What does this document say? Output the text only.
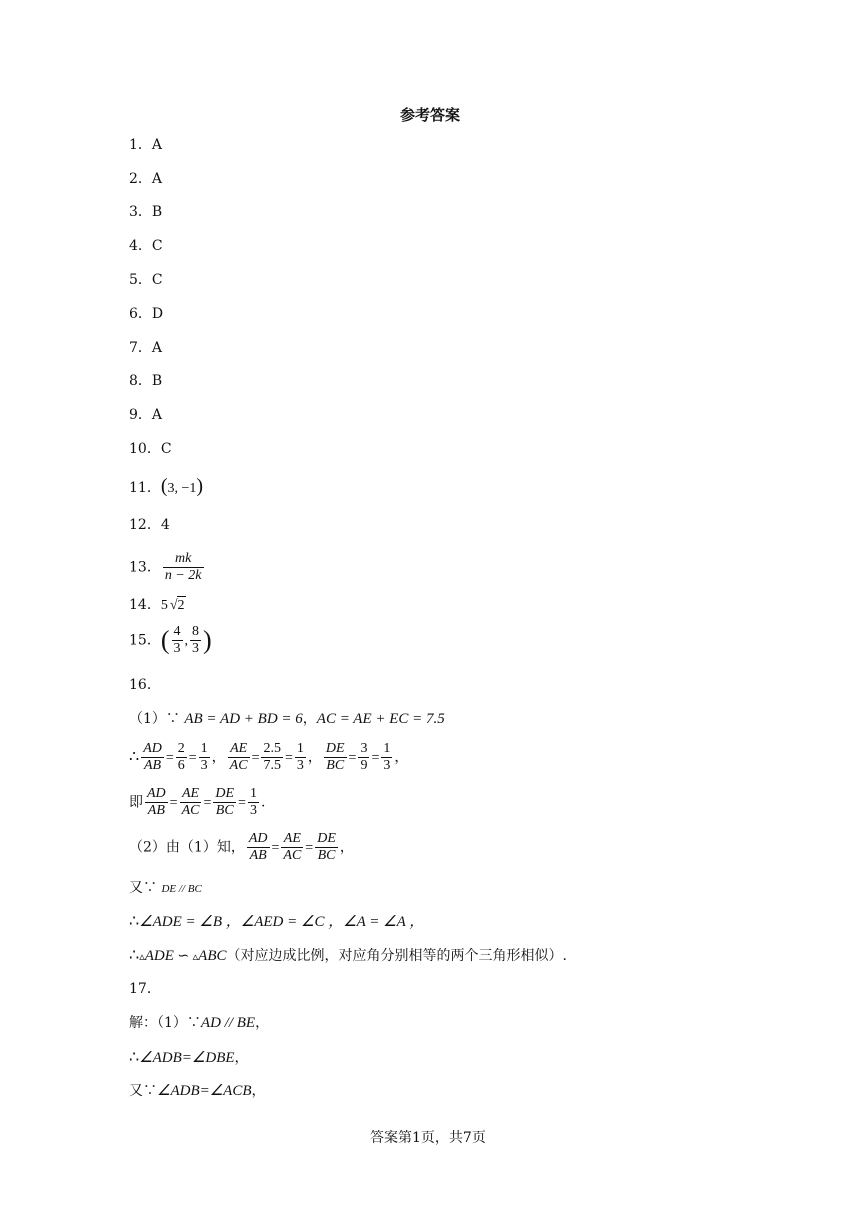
参考答案
1．A
2．A
3．B
4．C
5．C
6．D
7．A
8．B
9．A
10．C
11．(3, −1)
12．4
13． $\frac{mk}{n - 2k}$
14．5 √2
15．( $\frac{4}{3}$ , $\frac{8}{3}$ )
16．
（1）∵ AB = AD + BD = 6，AC = AE + EC = 7.5
∴ $\frac{AD}{AB} = \frac{2}{6} = \frac{1}{3}$ ， $\frac{AE}{AC} = \frac{2.5}{7.5} = \frac{1}{3}$ ， $\frac{DE}{BC} = \frac{3}{9} = \frac{1}{3}$ ，
即 $\frac{AD}{AB} = \frac{AE}{AC} = \frac{DE}{BC} = \frac{1}{3}$ .
（2）由（1）知， $\frac{AD}{AB} = \frac{AE}{AC} = \frac{DE}{BC}$ ，
又∵ DE // BC
∴∠ADE = ∠B ，∠AED = ∠C ，∠A = ∠A ，
∴▵ADE ∽ ▵ABC（对应边成比例，对应角分别相等的两个三角形相似）.
17．
解：（1）∵AD // BE，
∴∠ADB=∠DBE，
又∵∠ADB=∠ACB，
答案第1页，共7页
